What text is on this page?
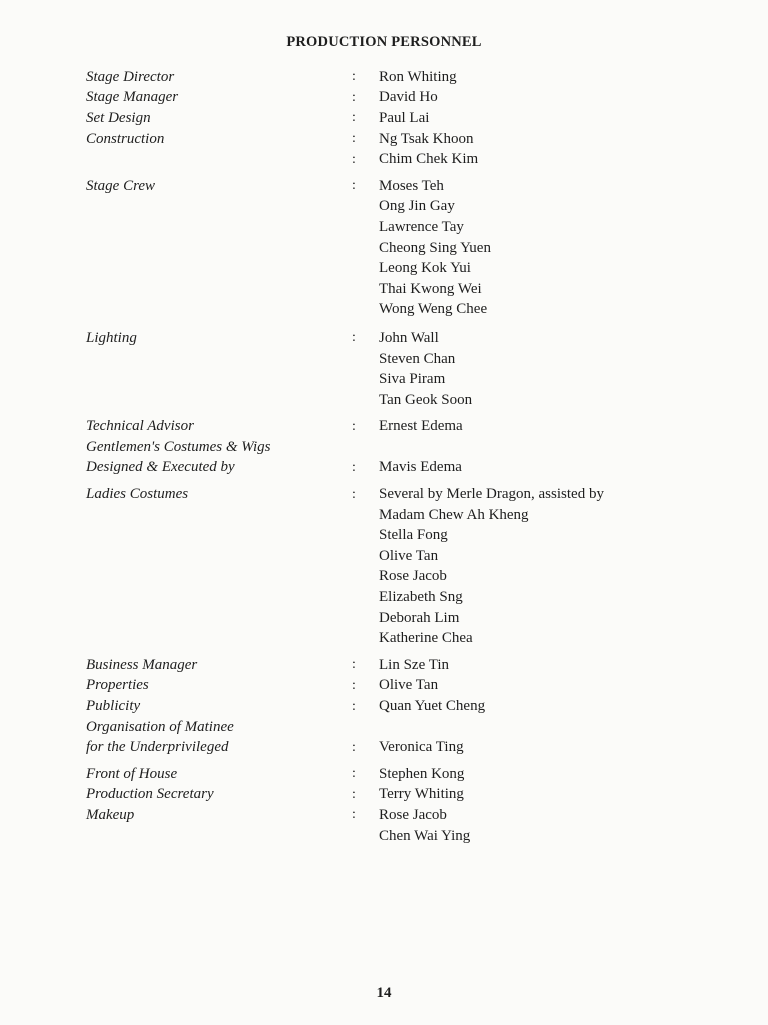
PRODUCTION PERSONNEL
Stage Director	:	Ron Whiting
Stage Manager	:	David Ho
Set Design	:	Paul Lai
Construction	:	Ng Tsak Khoon
:	Chim Chek Kim
Stage Crew	:	Moses Teh
Ong Jin Gay
Lawrence Tay
Cheong Sing Yuen
Leong Kok Yui
Thai Kwong Wei
Wong Weng Chee
Lighting	:	John Wall
Steven Chan
Siva Piram
Tan Geok Soon
Technical Advisor	:	Ernest Edema
Gentlemen's Costumes & Wigs
Designed & Executed by	:	Mavis Edema
Ladies Costumes	:	Several by Merle Dragon, assisted by
Madam Chew Ah Kheng
Stella Fong
Olive Tan
Rose Jacob
Elizabeth Sng
Deborah Lim
Katherine Chea
Business Manager	:	Lin Sze Tin
Properties	:	Olive Tan
Publicity	:	Quan Yuet Cheng
Organisation of Matinee
for the Underprivileged	:	Veronica Ting
Front of House	:	Stephen Kong
Production Secretary	:	Terry Whiting
Makeup	:	Rose Jacob
Chen Wai Ying
14
